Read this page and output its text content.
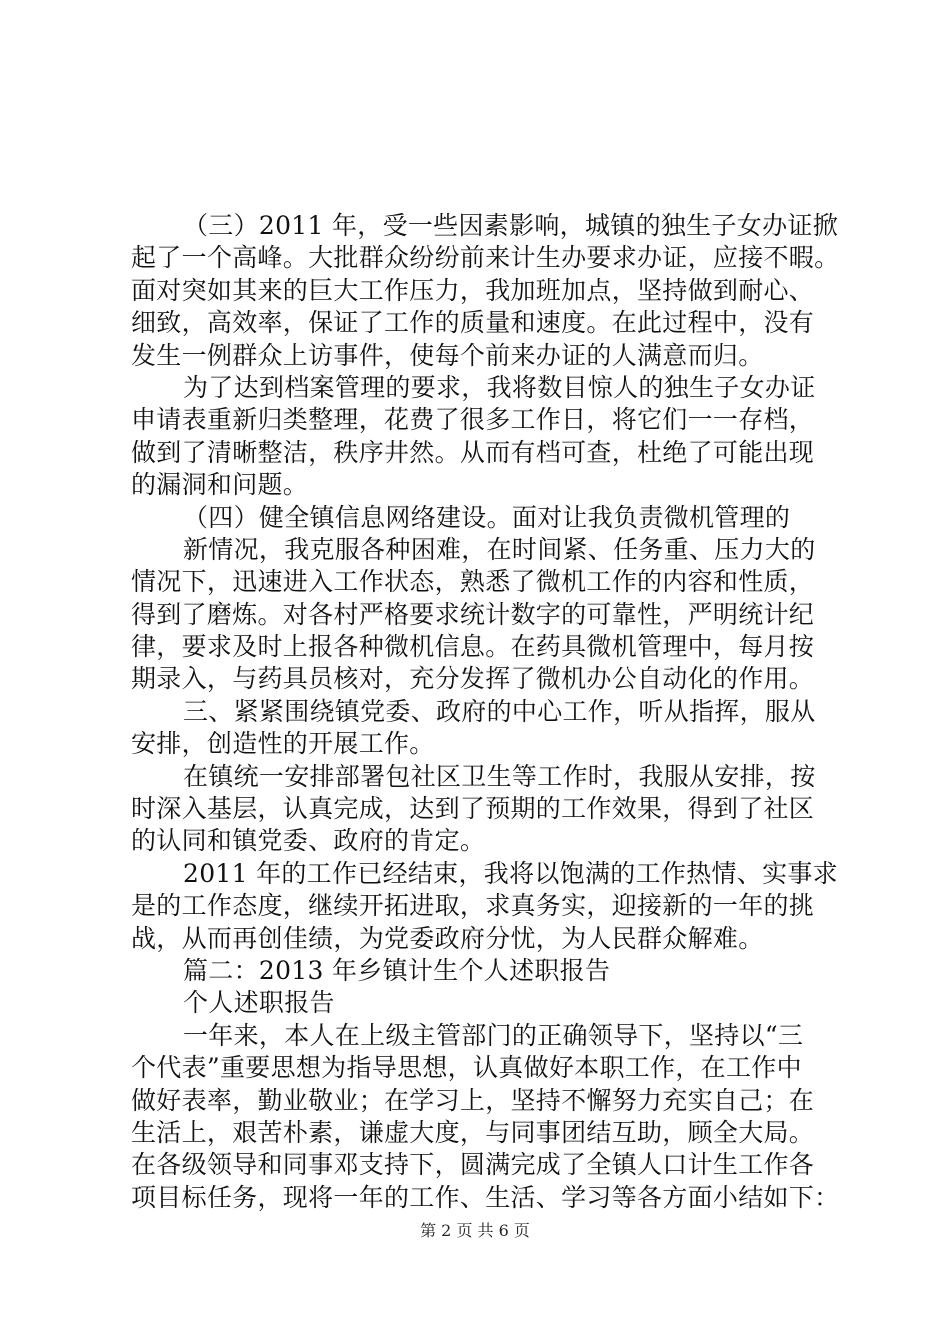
（三）2011 年，受一些因素影响，城镇的独生子女办证掀
起了一个高峰。大批群众纷纷前来计生办要求办证，应接不暇。
面对突如其来的巨大工作压力，我加班加点，坚持做到耐心、
细致，高效率，保证了工作的质量和速度。在此过程中，没有
发生一例群众上访事件，使每个前来办证的人满意而归。
为了达到档案管理的要求，我将数目惊人的独生子女办证
申请表重新归类整理，花费了很多工作日，将它们一一存档，
做到了清晰整洁，秩序井然。从而有档可查，杜绝了可能出现
的漏洞和问题。
（四）健全镇信息网络建设。面对让我负责微机管理的
新情况，我克服各种困难，在时间紧、任务重、压力大的
情况下，迅速进入工作状态，熟悉了微机工作的内容和性质，
得到了磨炼。对各村严格要求统计数字的可靠性，严明统计纪
律，要求及时上报各种微机信息。在药具微机管理中，每月按
期录入，与药具员核对，充分发挥了微机办公自动化的作用。
三、紧紧围绕镇党委、政府的中心工作，听从指挥，服从
安排，创造性的开展工作。
在镇统一安排部署包社区卫生等工作时，我服从安排，按
时深入基层，认真完成，达到了预期的工作效果，得到了社区
的认同和镇党委、政府的肯定。
2011 年的工作已经结束，我将以饱满的工作热情、实事求
是的工作态度，继续开拓进取，求真务实，迎接新的一年的挑
战，从而再创佳绩，为党委政府分忧，为人民群众解难。
篇二：2013 年乡镇计生个人述职报告
个人述职报告
一年来，本人在上级主管部门的正确领导下，坚持以“三
个代表”重要思想为指导思想，认真做好本职工作，在工作中
做好表率，勤业敬业；在学习上，坚持不懈努力充实自己；在
生活上，艰苦朴素，谦虚大度，与同事团结互助，顾全大局。
在各级领导和同事邓支持下，圆满完成了全镇人口计生工作各
项目标任务，现将一年的工作、生活、学习等各方面小结如下：
第 2 页 共 6 页
